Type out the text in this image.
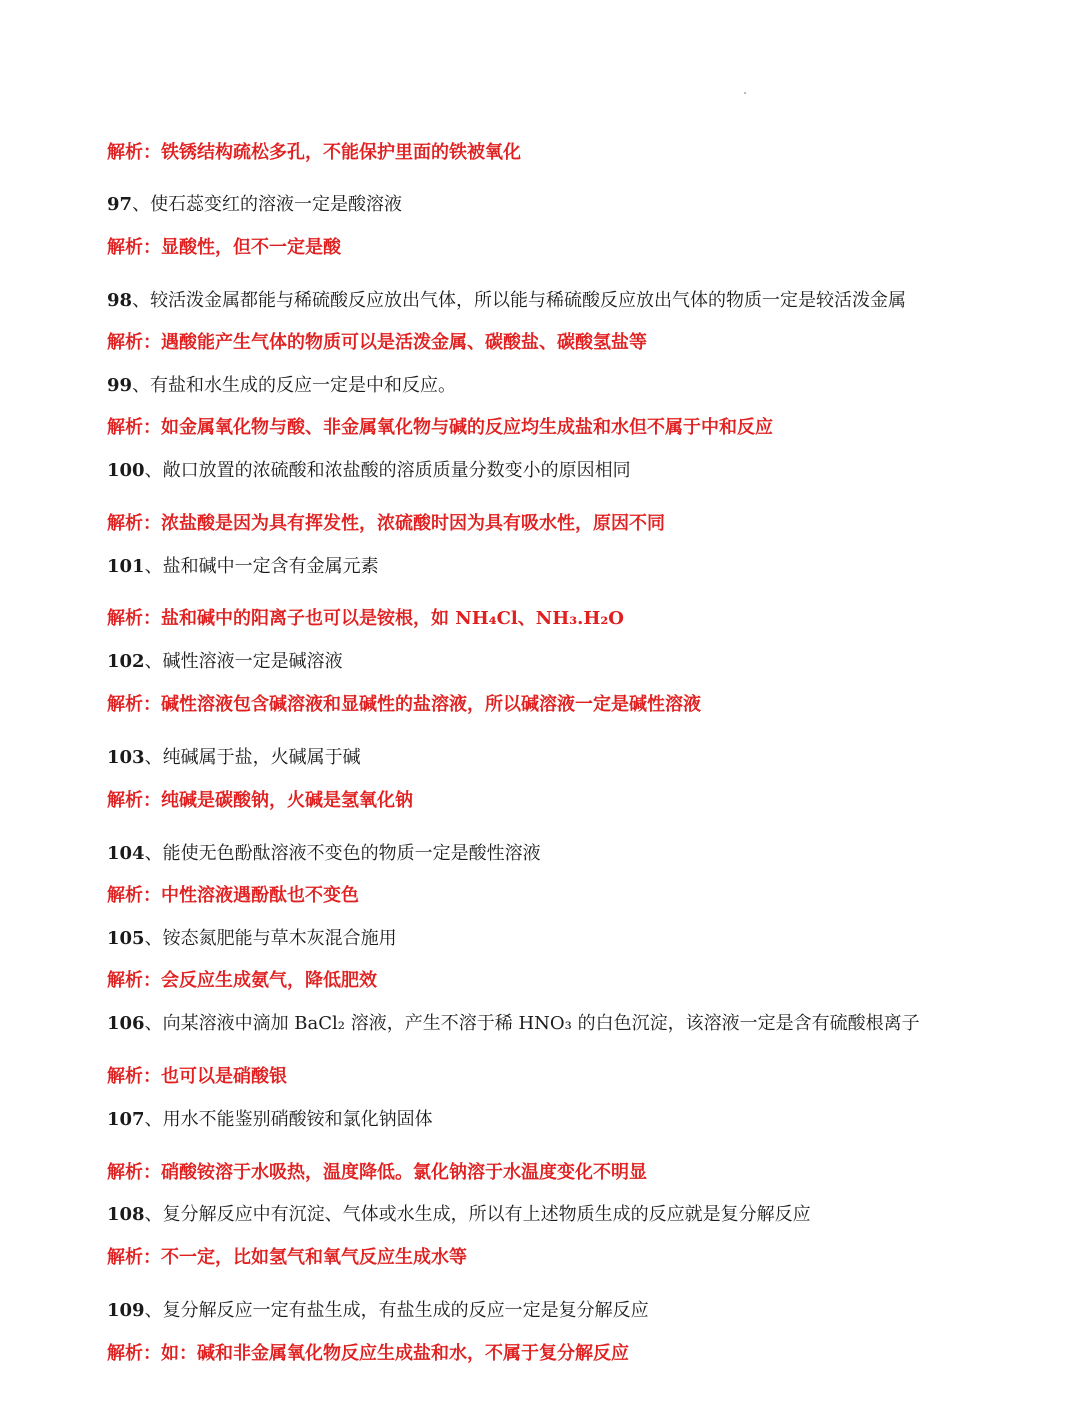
解析：铁锈结构疏松多孔，不能保护里面的铁被氧化
97、使石蕊变红的溶液一定是酸溶液
解析：显酸性，但不一定是酸
98、较活泼金属都能与稀硫酸反应放出气体，所以能与稀硫酸反应放出气体的物质一定是较活泼金属
解析：遇酸能产生气体的物质可以是活泼金属、碳酸盐、碳酸氢盐等
99、有盐和水生成的反应一定是中和反应。
解析：如金属氧化物与酸、非金属氧化物与碱的反应均生成盐和水但不属于中和反应
100、敞口放置的浓硫酸和浓盐酸的溶质质量分数变小的原因相同
解析：浓盐酸是因为具有挥发性，浓硫酸时因为具有吸水性，原因不同
101、盐和碱中一定含有金属元素
解析：盐和碱中的阳离子也可以是铵根，如 NH₄Cl、NH₃.H₂O
102、碱性溶液一定是碱溶液
解析：碱性溶液包含碱溶液和显碱性的盐溶液，所以碱溶液一定是碱性溶液
103、纯碱属于盐，火碱属于碱
解析：纯碱是碳酸钠，火碱是氢氧化钠
104、能使无色酚酞溶液不变色的物质一定是酸性溶液
解析：中性溶液遇酚酞也不变色
105、铵态氮肥能与草木灰混合施用
解析：会反应生成氨气，降低肥效
106、向某溶液中滴加 BaCl₂ 溶液，产生不溶于稀 HNO₃ 的白色沉淀，该溶液一定是含有硫酸根离子
解析：也可以是硝酸银
107、用水不能鉴别硝酸铵和氯化钠固体
解析：硝酸铵溶于水吸热，温度降低。氯化钠溶于水温度变化不明显
108、复分解反应中有沉淀、气体或水生成，所以有上述物质生成的反应就是复分解反应
解析：不一定，比如氢气和氧气反应生成水等
109、复分解反应一定有盐生成，有盐生成的反应一定是复分解反应
解析：如：碱和非金属氧化物反应生成盐和水，不属于复分解反应
